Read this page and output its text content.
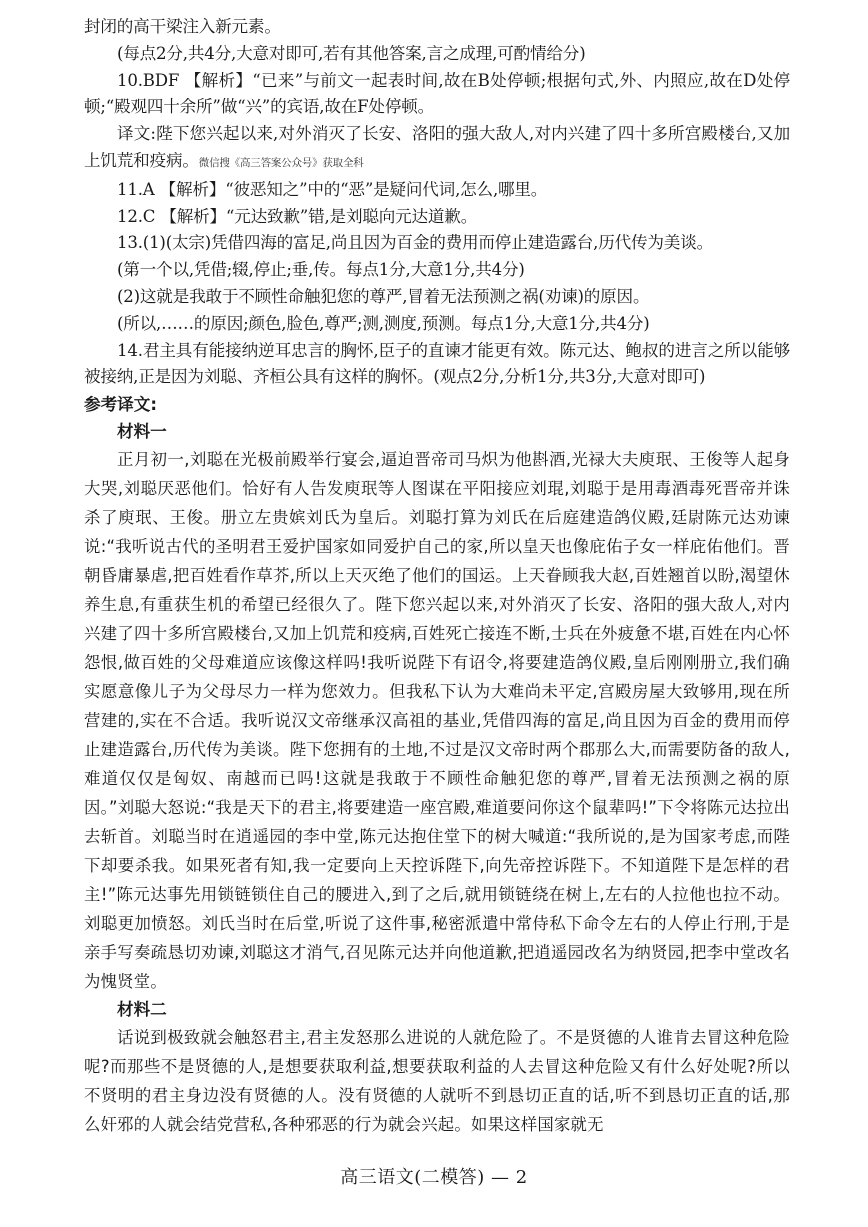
封闭的高干梁注入新元素。

(每点2分,共4分,大意对即可,若有其他答案,言之成理,可酌情给分)

10.BDF 【解析】“已来”与前文一起表时间,故在B处停顿;根据句式,外、内照应,故在D处停顿;“殿观四十余所”做“兴”的宾语,故在F处停顿。

译文:陛下您兴起以来,对外消灭了长安、洛阳的强大敌人,对内兴建了四十多所宫殿楼台,又加上饥荒和疫病。微信搜《高三答案公众号》获取全科

11.A 【解析】“彼恶知之”中的“恶”是疑问代词,怎么,哪里。

12.C 【解析】“元达致歉”错,是刘聪向元达道歉。

13.(1)(太宗)凭借四海的富足,尚且因为百金的费用而停止建造露台,历代传为美谈。

(第一个以,凭借;辍,停止;垂,传。每点1分,大意1分,共4分)

(2)这就是我敢于不顾性命触犯您的尊严,冒着无法预测之祸(劝谏)的原因。

(所以,……的原因;颜色,脸色,尊严;测,测度,预测。每点1分,大意1分,共4分)

14.君主具有能接纳逆耳忠言的胸怀,臣子的直谏才能更有效。陈元达、鲍叔的进言之所以能够被接纳,正是因为刘聪、齐桓公具有这样的胸怀。(观点2分,分析1分,共3分,大意对即可)

参考译文:

材料一

正月初一,刘聪在光极前殿举行宴会,逼迫晋帝司马炽为他斟酒,光禄大夫庾珉、王俊等人起身大哭,刘聪厌恶他们。恰好有人告发庾珉等人图谋在平阳接应刘琨,刘聪于是用毒酒毒死晋帝并诛杀了庾珉、王俊。册立左贵嫔刘氏为皇后。刘聪打算为刘氏在后庭建造鸽仪殿,廷尉陈元达劝谏说:“我听说古代的圣明君王爱护国家如同爱护自己的家,所以皇天也像庇佑子女一样庇佑他们。晋朝昏庸暴虐,把百姓看作草芥,所以上天灭绝了他们的国运。上天眷顾我大赵,百姓翘首以盼,渴望休养生息,有重获生机的希望已经很久了。陛下您兴起以来,对外消灭了长安、洛阳的强大敌人,对内兴建了四十多所宫殿楼台,又加上饥荒和疫病,百姓死亡接连不断,士兵在外疲惫不堪,百姓在内心怀怨恨,做百姓的父母难道应该像这样吗!我听说陛下有诏令,将要建造鸽仪殿,皇后刚刚册立,我们确实愿意像儿子为父母尽力一样为您效力。但我私下认为大难尚未平定,宫殿房屋大致够用,现在所营建的,实在不合适。我听说汉文帝继承汉高祖的基业,凭借四海的富足,尚且因为百金的费用而停止建造露台,历代传为美谈。陛下您拥有的土地,不过是汉文帝时两个郡那么大,而需要防备的敌人,难道仅仅是匈奴、南越而已吗!这就是我敢于不顾性命触犯您的尊严,冒着无法预测之祸的原因。”刘聪大怒说:“我是天下的君主,将要建造一座宫殿,难道要问你这个鼠辈吗!”下令将陈元达拉出去斩首。刘聪当时在逍遥园的李中堂,陈元达抱住堂下的树大喊道:“我所说的,是为国家考虑,而陛下却要杀我。如果死者有知,我一定要向上天控诉陛下,向先帝控诉陛下。不知道陛下是怎样的君主!”陈元达事先用锁链锁住自己的腰进入,到了之后,就用锁链绕在树上,左右的人拉他也拉不动。刘聪更加愤怒。刘氏当时在后堂,听说了这件事,秘密派遣中常侍私下命令左右的人停止行刑,于是亲手写奏疏恳切劝谏,刘聪这才消气,召见陈元达并向他道歉,把逍遥园改名为纳贤园,把李中堂改名为愧贤堂。

材料二

话说到极致就会触怒君主,君主发怒那么进说的人就危险了。不是贤德的人谁肯去冒这种危险呢?而那些不是贤德的人,是想要获取利益,想要获取利益的人去冒这种危险又有什么好处呢?所以不贤明的君主身边没有贤德的人。没有贤德的人就听不到恳切正直的话,听不到恳切正直的话,那么奸邪的人就会结党营私,各种邪恶的行为就会兴起。如果这样国家就无

高三语文(二模答) — 2
